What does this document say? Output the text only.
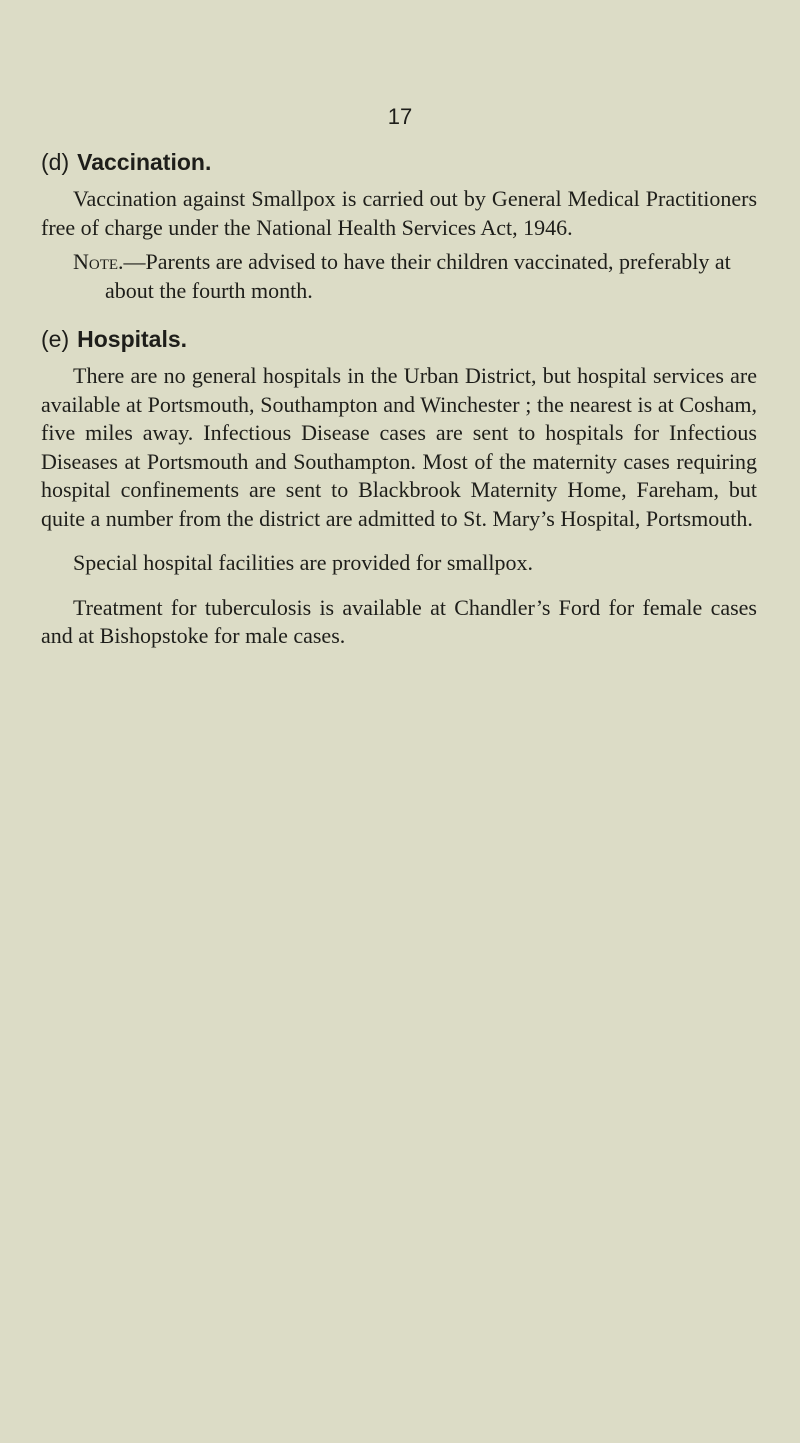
17
(d) Vaccination.

Vaccination against Smallpox is carried out by General Medical Practitioners free of charge under the National Health Services Act, 1946.

Note.—Parents are advised to have their children vaccinated, preferably at about the fourth month.

(e) Hospitals.

There are no general hospitals in the Urban District, but hospital services are available at Portsmouth, Southampton and Winchester ; the nearest is at Cosham, five miles away. Infectious Disease cases are sent to hospitals for Infectious Diseases at Portsmouth and Southampton. Most of the maternity cases requiring hospital confinements are sent to Blackbrook Maternity Home, Fareham, but quite a number from the district are admitted to St. Mary’s Hospital, Portsmouth.

Special hospital facilities are provided for smallpox.

Treatment for tuberculosis is available at Chandler’s Ford for female cases and at Bishopstoke for male cases.
